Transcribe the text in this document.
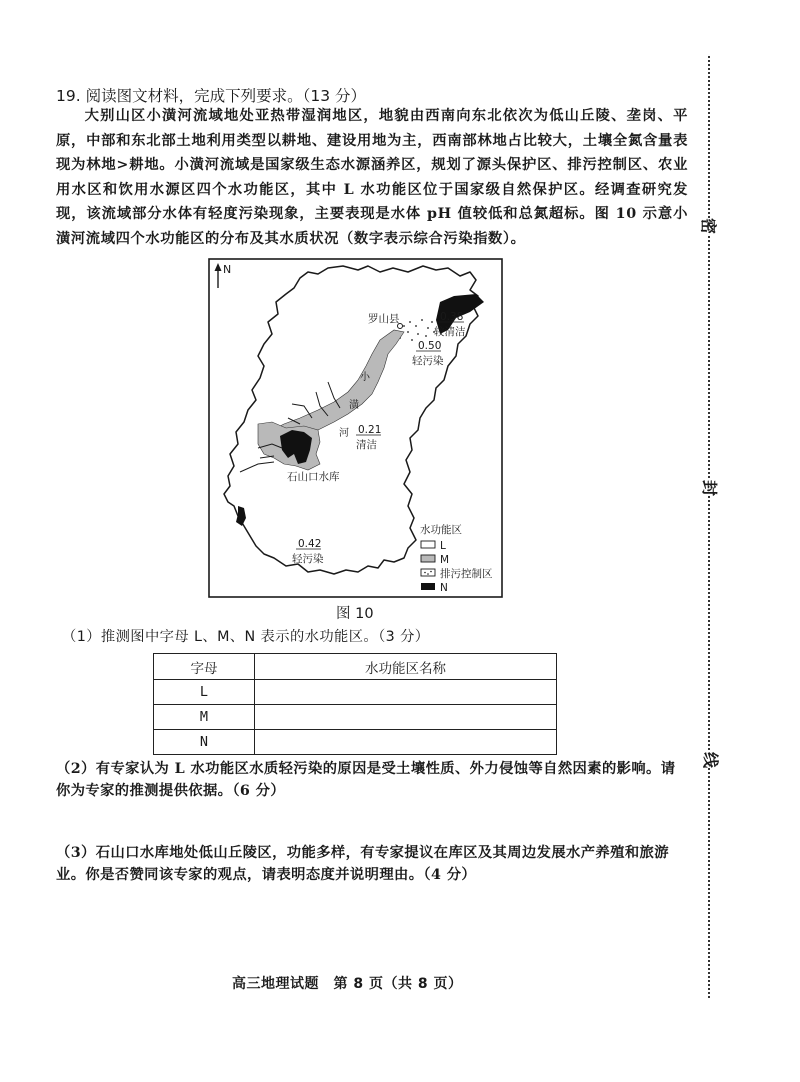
19. 阅读图文材料，完成下列要求。（13 分）
大别山区小潢河流域地处亚热带湿润地区，地貌由西南向东北依次为低山丘陵、垄岗、平原，中部和东北部土地利用类型以耕地、建设用地为主，西南部林地占比较大，土壤全氮含量表现为林地>耕地。小潢河流域是国家级生态水源涵养区，规划了源头保护区、排污控制区、农业用水区和饮用水源区四个水功能区，其中 L 水功能区位于国家级自然保护区。经调查研究发现，该流域部分水体有轻度污染现象，主要表现是水体 pH 值较低和总氮超标。图 10 示意小潢河流域四个水功能区的分布及其水质状况（数字表示综合污染指数）。
N
罗山县
石山口水库
小
潢
河
0.38
较清洁
0.50
轻污染
0.21
清洁
0.42
轻污染
水功能区
L
M
排污控制区
N
图 10
（1）推测图中字母 L、M、N 表示的水功能区。（3 分）
字母	水功能区名称
L	
M	
N	
（2）有专家认为 L 水功能区水质轻污染的原因是受土壤性质、外力侵蚀等自然因素的影响。请你为专家的推测提供依据。（6 分）
（3）石山口水库地处低山丘陵区，功能多样，有专家提议在库区及其周边发展水产养殖和旅游业。你是否赞同该专家的观点，请表明态度并说明理由。（4 分）
高三地理试题　第 8 页（共 8 页）
密
封
线
